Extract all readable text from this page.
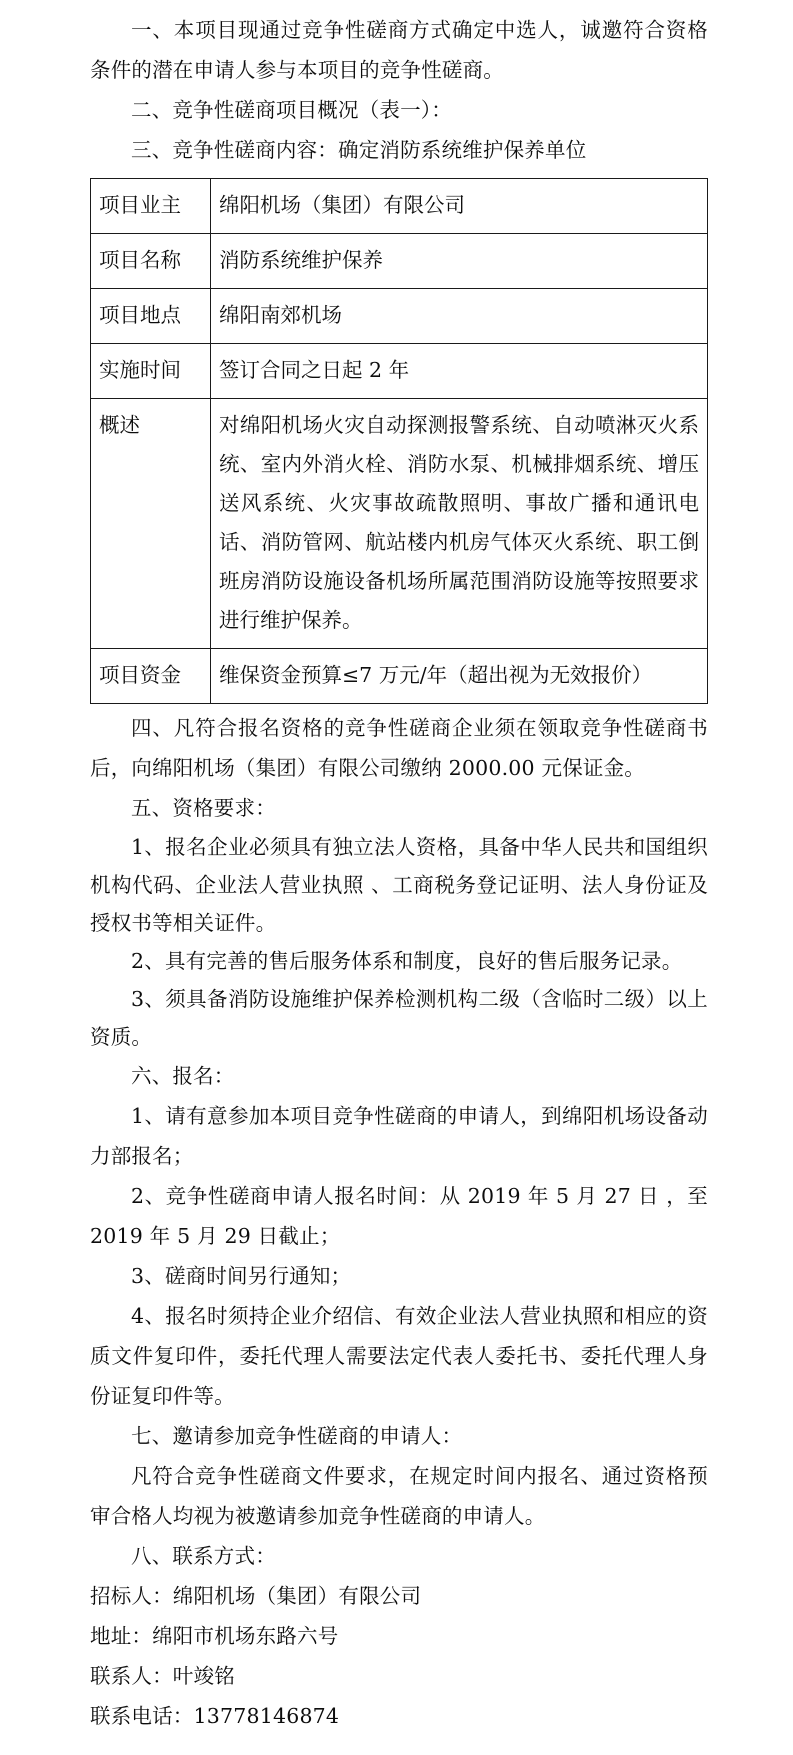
一、本项目现通过竞争性磋商方式确定中选人，诚邀符合资格条件的潜在申请人参与本项目的竞争性磋商。

二、竞争性磋商项目概况（表一）：

三、竞争性磋商内容：确定消防系统维护保养单位

项目业主	绵阳机场（集团）有限公司
项目名称	消防系统维护保养
项目地点	绵阳南郊机场
实施时间	签订合同之日起 2 年
概述	对绵阳机场火灾自动探测报警系统、自动喷淋灭火系统、室内外消火栓、消防水泵、机械排烟系统、增压送风系统、火灾事故疏散照明、事故广播和通讯电话、消防管网、航站楼内机房气体灭火系统、职工倒班房消防设施设备机场所属范围消防设施等按照要求进行维护保养。
项目资金	维保资金预算≤7 万元/年（超出视为无效报价）

四、凡符合报名资格的竞争性磋商企业须在领取竞争性磋商书后，向绵阳机场（集团）有限公司缴纳 2000.00 元保证金。

五、资格要求：

1、报名企业必须具有独立法人资格，具备中华人民共和国组织机构代码、企业法人营业执照 、工商税务登记证明、法人身份证及授权书等相关证件。

2、具有完善的售后服务体系和制度，良好的售后服务记录。

3、须具备消防设施维护保养检测机构二级（含临时二级）以上资质。

六、报名：

1、请有意参加本项目竞争性磋商的申请人，到绵阳机场设备动力部报名；

2、竞争性磋商申请人报名时间：从 2019 年 5 月 27 日 ，至 2019 年 5 月 29 日截止；

3、磋商时间另行通知；

4、报名时须持企业介绍信、有效企业法人营业执照和相应的资质文件复印件，委托代理人需要法定代表人委托书、委托代理人身份证复印件等。

七、邀请参加竞争性磋商的申请人：

凡符合竞争性磋商文件要求，在规定时间内报名、通过资格预审合格人均视为被邀请参加竞争性磋商的申请人。

八、联系方式：

招标人：绵阳机场（集团）有限公司

地址：绵阳市机场东路六号

联系人：叶竣铭

联系电话：13778146874
